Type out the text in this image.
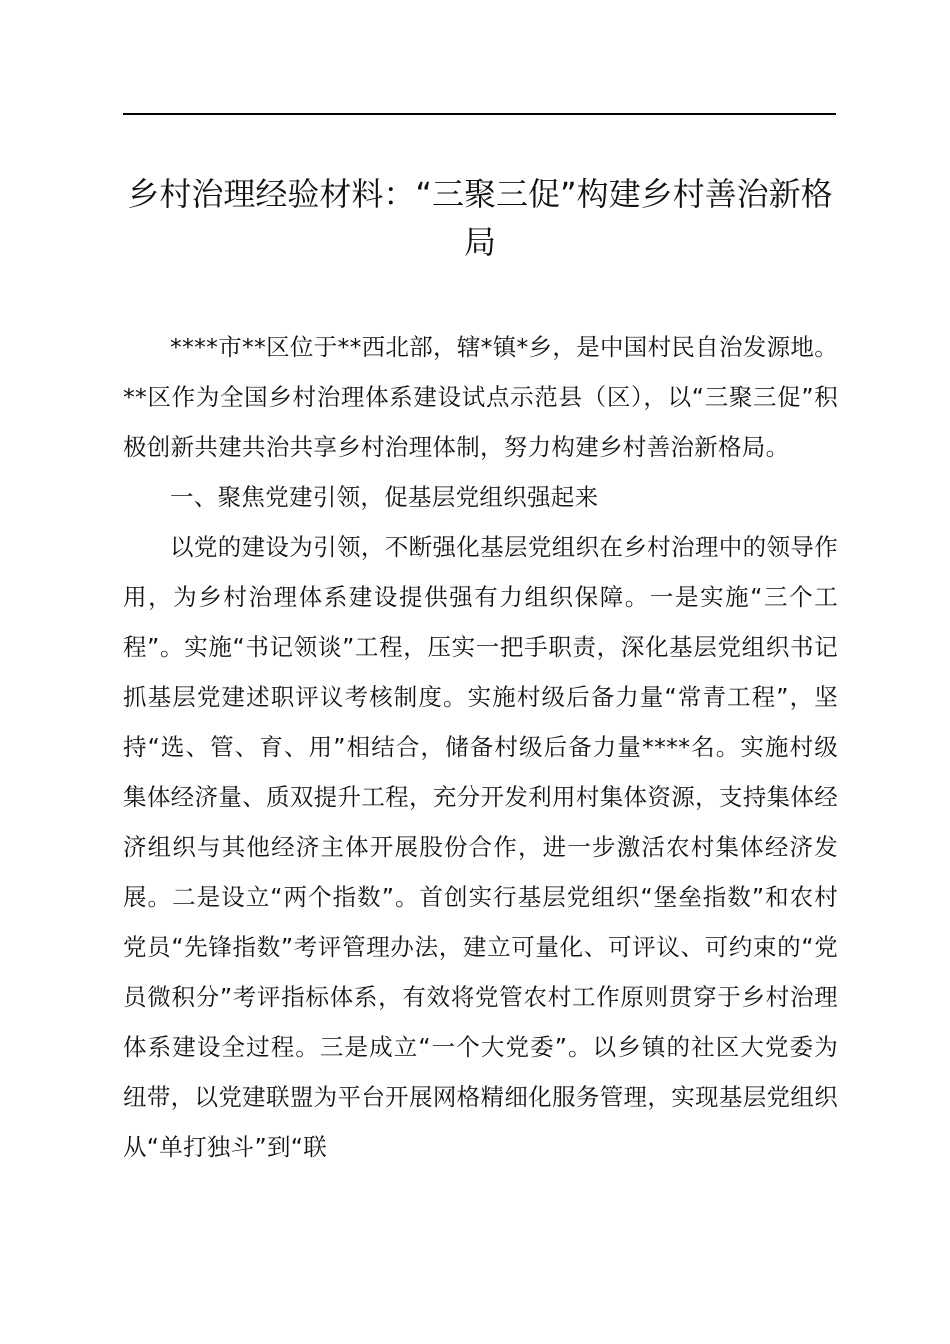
乡村治理经验材料：“三聚三促”构建乡村善治新格局

****市**区位于**西北部，辖*镇*乡，是中国村民自治发源地。**区作为全国乡村治理体系建设试点示范县（区），以“三聚三促”积极创新共建共治共享乡村治理体制，努力构建乡村善治新格局。

一、聚焦党建引领，促基层党组织强起来

以党的建设为引领，不断强化基层党组织在乡村治理中的领导作用，为乡村治理体系建设提供强有力组织保障。一是实施“三个工程”。实施“书记领谈”工程，压实一把手职责，深化基层党组织书记抓基层党建述职评议考核制度。实施村级后备力量“常青工程”，坚持“选、管、育、用”相结合，储备村级后备力量****名。实施村级集体经济量、质双提升工程，充分开发利用村集体资源，支持集体经济组织与其他经济主体开展股份合作，进一步激活农村集体经济发展。二是设立“两个指数”。首创实行基层党组织“堡垒指数”和农村党员“先锋指数”考评管理办法，建立可量化、可评议、可约束的“党员微积分”考评指标体系，有效将党管农村工作原则贯穿于乡村治理体系建设全过程。三是成立“一个大党委”。以乡镇的社区大党委为纽带，以党建联盟为平台开展网格精细化服务管理，实现基层党组织从“单打独斗”到“联
